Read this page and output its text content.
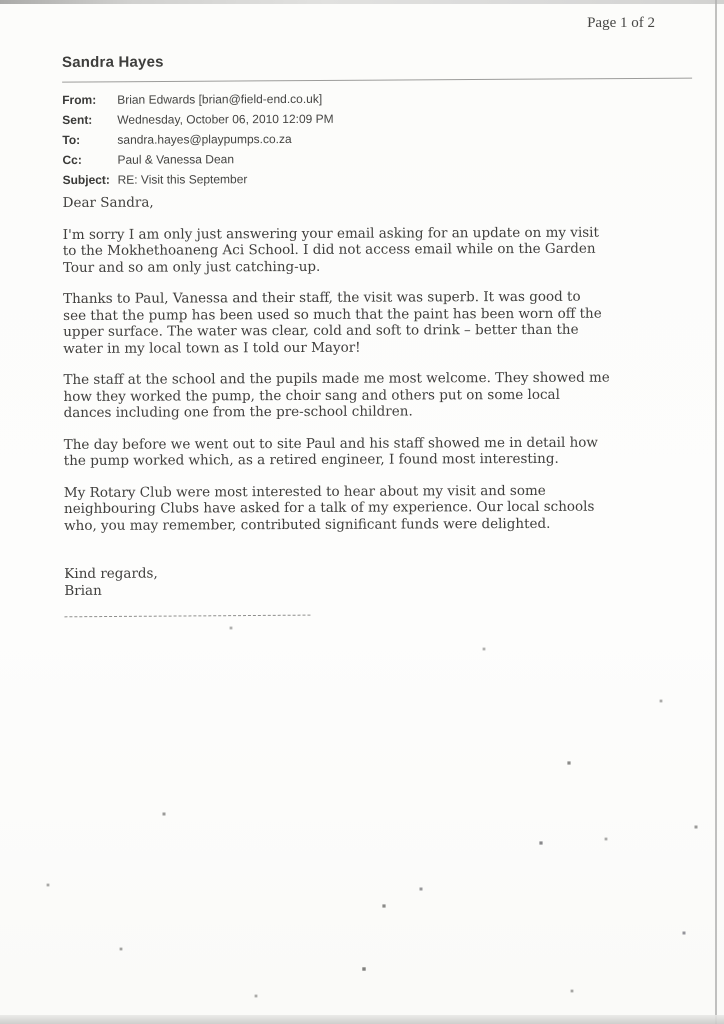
Page 1 of 2
Sandra Hayes
From:	Brian Edwards [brian@field-end.co.uk]
Sent:	Wednesday, October 06, 2010 12:09 PM
To:	sandra.hayes@playpumps.co.za
Cc:	Paul & Vanessa Dean
Subject: RE: Visit this September

Dear Sandra,

I'm sorry I am only just answering your email asking for an update on my visit
to the Mokhethoaneng Aci School. I did not access email while on the Garden
Tour and so am only just catching-up.

Thanks to Paul, Vanessa and their staff, the visit was superb. It was good to
see that the pump has been used so much that the paint has been worn off the
upper surface. The water was clear, cold and soft to drink – better than the
water in my local town as I told our Mayor!

The staff at the school and the pupils made me most welcome. They showed me
how they worked the pump, the choir sang and others put on some local
dances including one from the pre-school children.

The day before we went out to site Paul and his staff showed me in detail how
the pump worked which, as a retired engineer, I found most interesting.

My Rotary Club were most interested to hear about my visit and some
neighbouring Clubs have asked for a talk of my experience. Our local schools
who, you may remember, contributed significant funds were delighted.

Kind regards,

Brian
